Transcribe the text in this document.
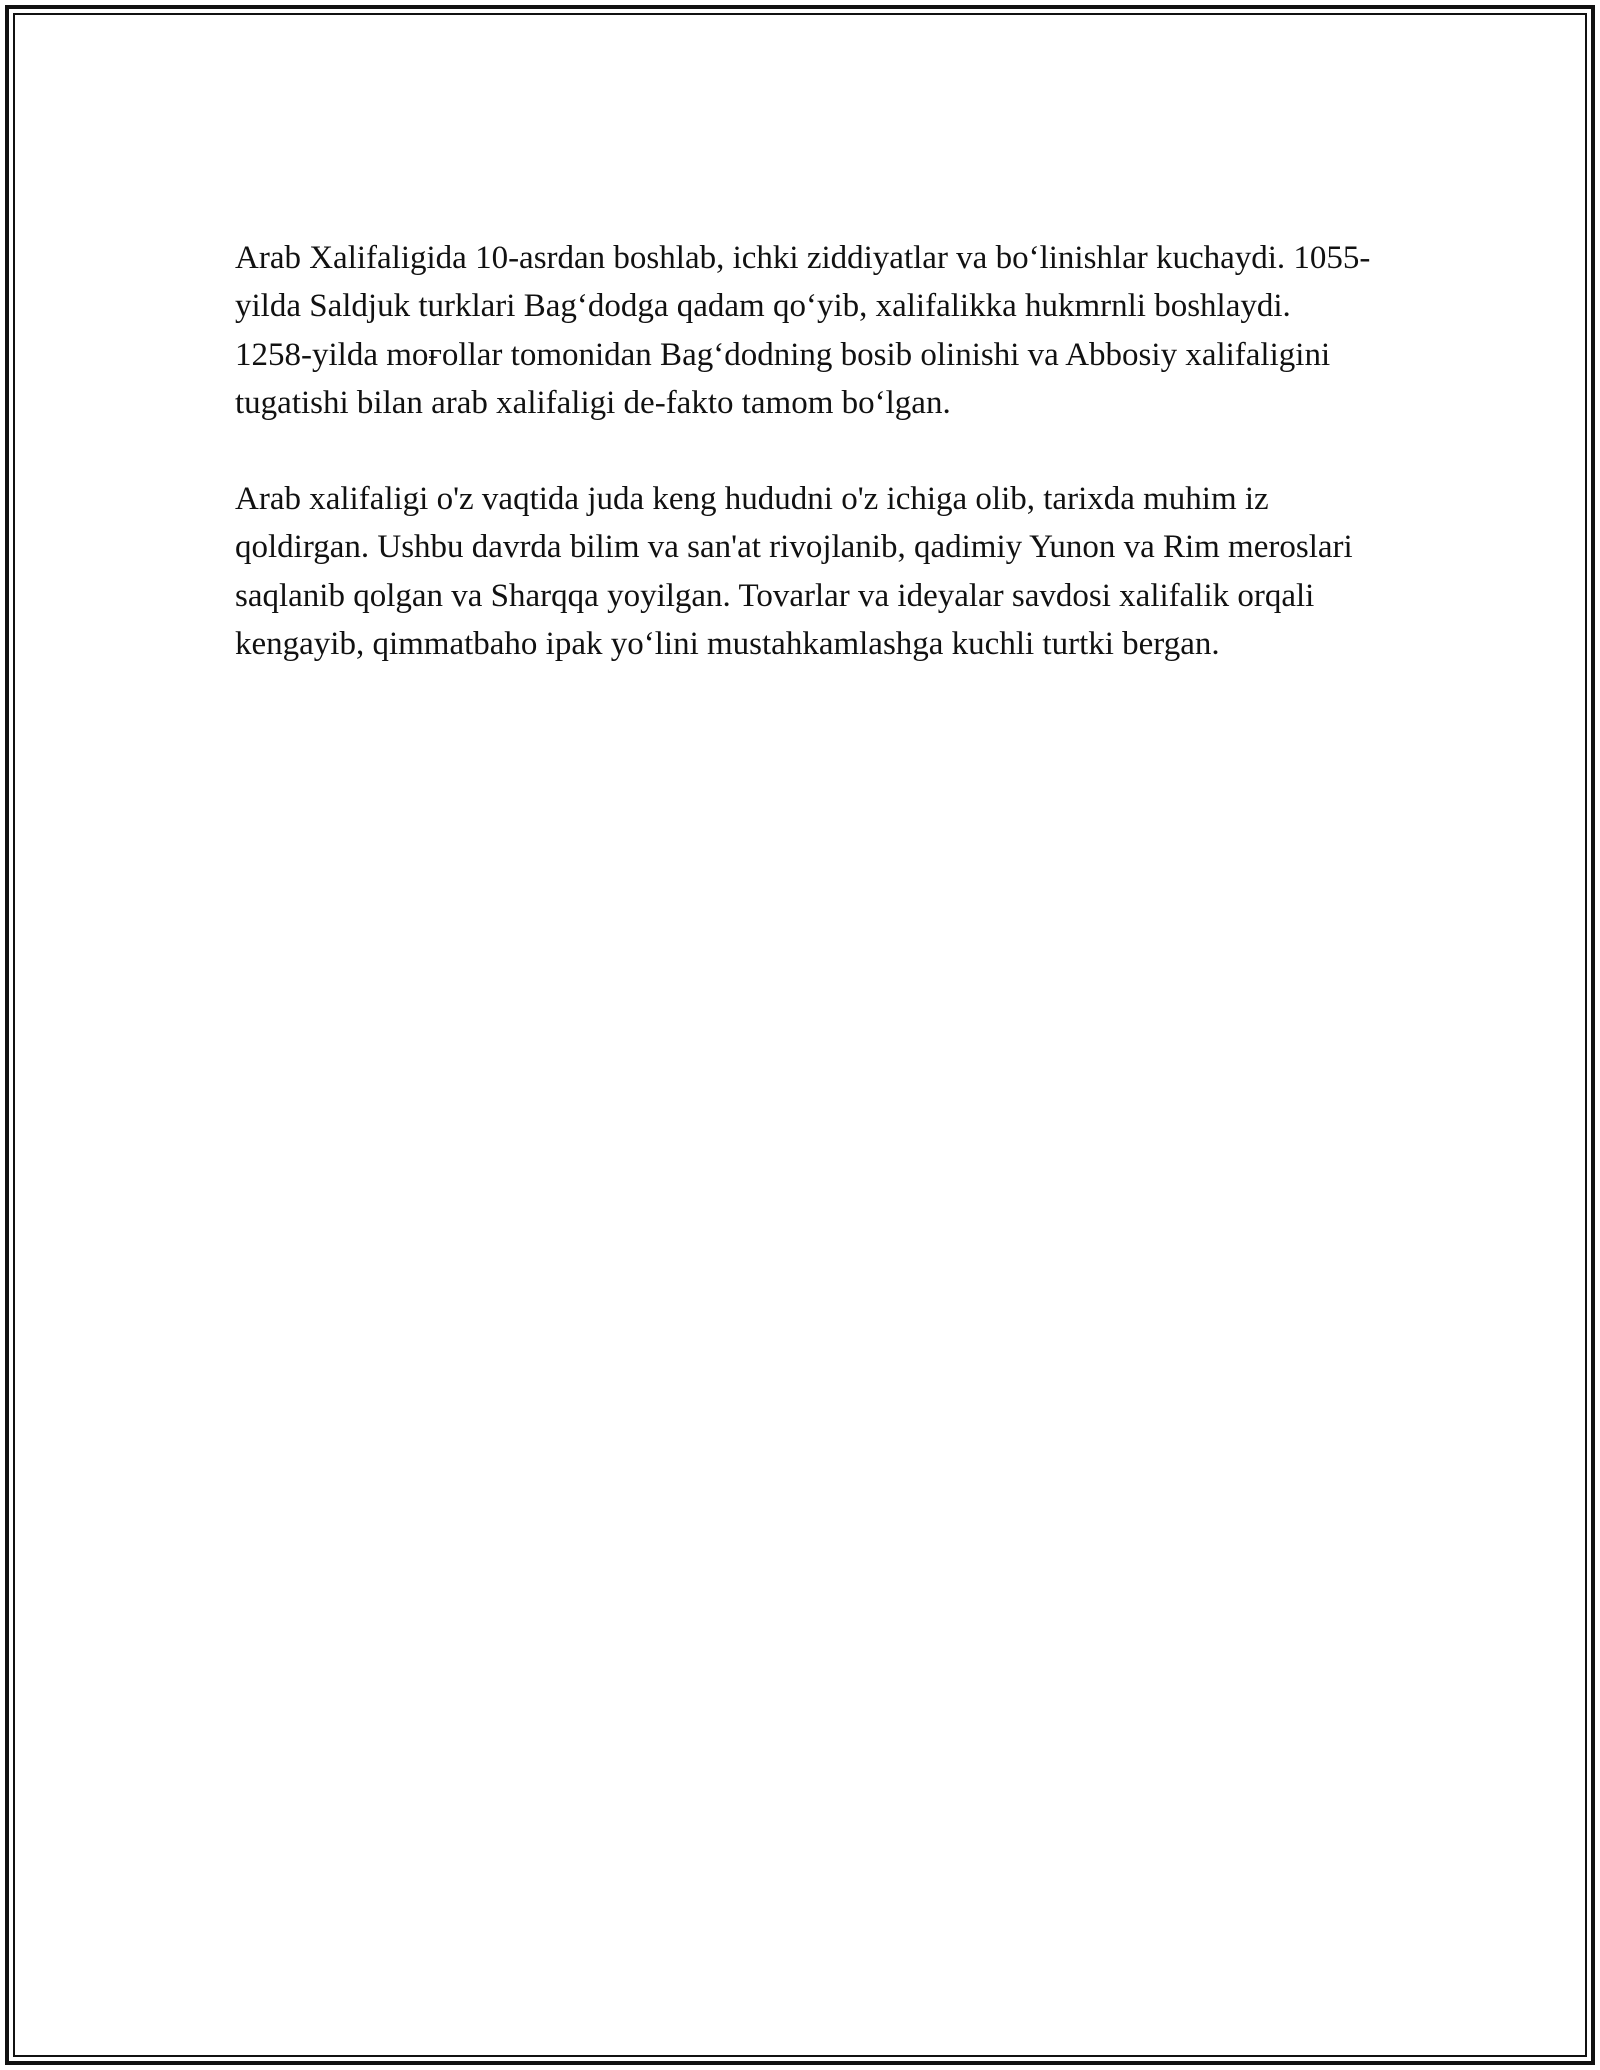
Arab Xalifaligida 10-asrdan boshlab, ichki ziddiyatlar va bo‘linishlar kuchaydi. 1055-yilda Saldjuk turklari Bag‘dodga qadam qo‘yib, xalifalikka hukmrnli boshlaydi. 1258-yilda moғollar tomonidan Bag‘dodning bosib olinishi va Abbosiy xalifaligini tugatishi bilan arab xalifaligi de-fakto tamom bo‘lgan.

Arab xalifaligi o'z vaqtida juda keng hududni o'z ichiga olib, tarixda muhim iz qoldirgan. Ushbu davrda bilim va san'at rivojlanib, qadimiy Yunon va Rim meroslari saqlanib qolgan va Sharqqa yoyilgan. Tovarlar va ideyalar savdosi xalifalik orqali kengayib, qimmatbaho ipak yo‘lini mustahkamlashga kuchli turtki bergan.
